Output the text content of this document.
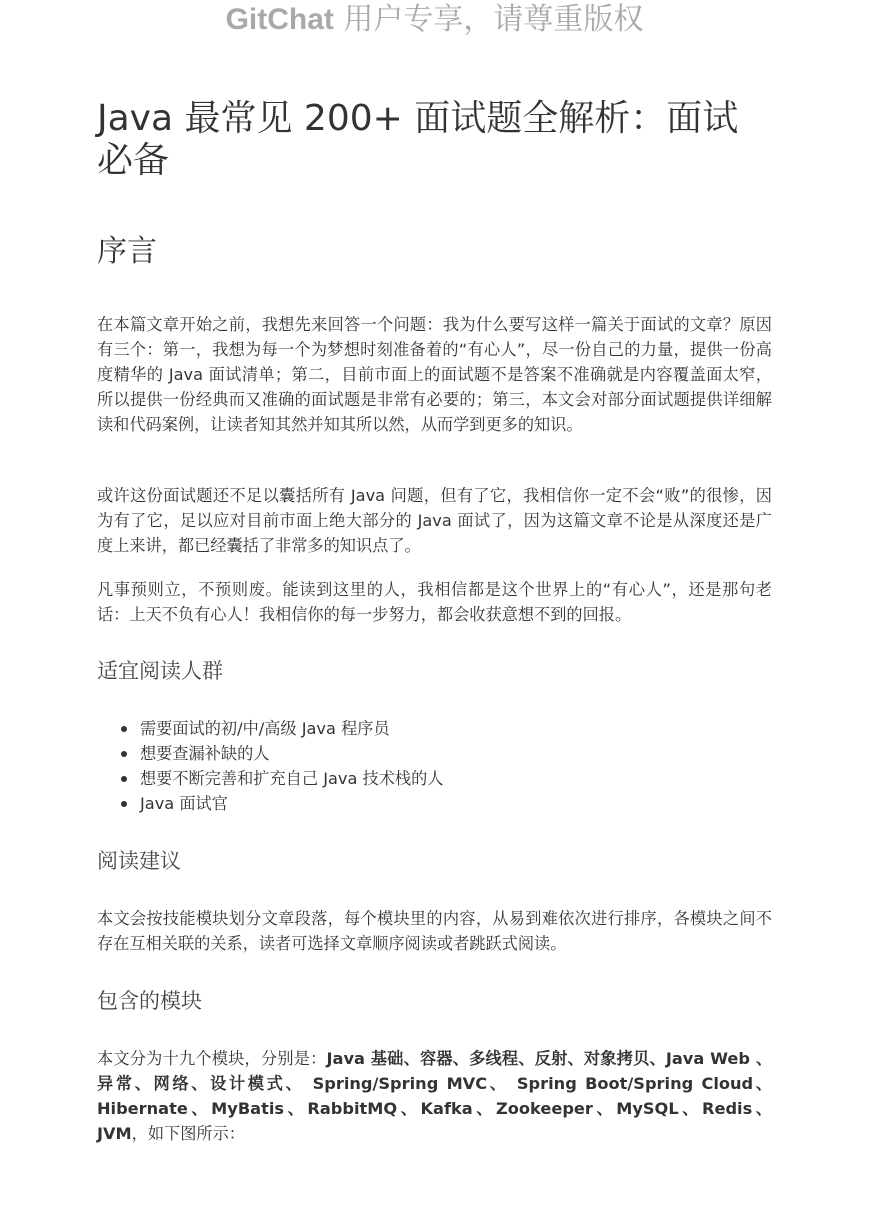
GitChat 用户专享，请尊重版权
Java 最常见 200+ 面试题全解析：面试必备
序言

在本篇文章开始之前，我想先来回答一个问题：我为什么要写这样一篇关于面试的文章？原因有三个：第一，我想为每一个为梦想时刻准备着的“有心人”，尽一份自己的力量，提供一份高度精华的 Java 面试清单；第二，目前市面上的面试题不是答案不准确就是内容覆盖面太窄，所以提供一份经典而又准确的面试题是非常有必要的；第三，本文会对部分面试题提供详细解读和代码案例，让读者知其然并知其所以然，从而学到更多的知识。

或许这份面试题还不足以囊括所有 Java 问题，但有了它，我相信你一定不会“败”的很惨，因为有了它，足以应对目前市面上绝大部分的 Java 面试了，因为这篇文章不论是从深度还是广度上来讲，都已经囊括了非常多的知识点了。

凡事预则立，不预则废。能读到这里的人，我相信都是这个世界上的“有心人”，还是那句老话：上天不负有心人！我相信你的每一步努力，都会收获意想不到的回报。

适宜阅读人群
需要面试的初/中/高级 Java 程序员
想要查漏补缺的人
想要不断完善和扩充自己 Java 技术栈的人
Java 面试官
阅读建议

本文会按技能模块划分文章段落，每个模块里的内容，从易到难依次进行排序，各模块之间不存在互相关联的关系，读者可选择文章顺序阅读或者跳跃式阅读。

包含的模块

本文分为十九个模块，分别是：Java 基础、容器、多线程、反射、对象拷贝、Java Web 、异常、网络、设计模式、 Spring/Spring MVC、 Spring Boot/Spring Cloud、Hibernate、MyBatis、RabbitMQ、Kafka、Zookeeper、MySQL、Redis、JVM，如下图所示：
